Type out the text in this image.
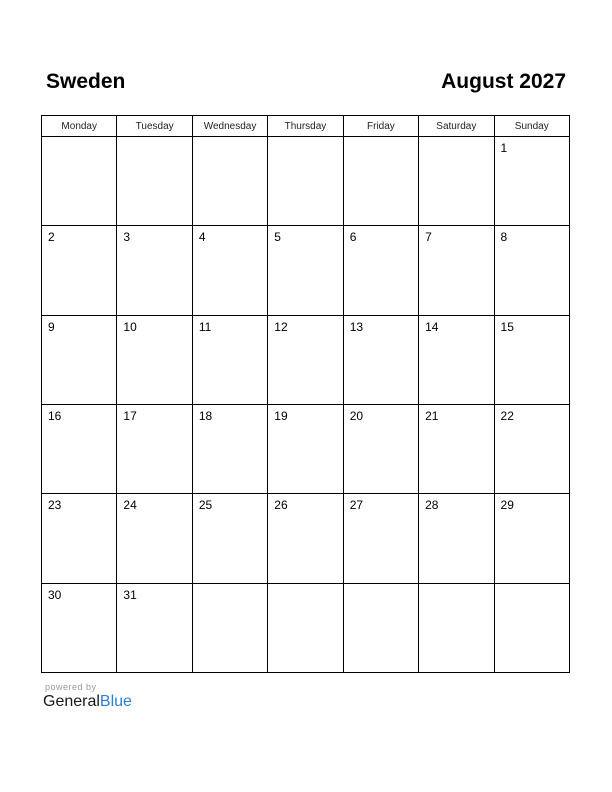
Sweden	August 2027
Monday	Tuesday	Wednesday	Thursday	Friday	Saturday	Sunday

						1

2	3	4	5	6	7	8

9	10	11	12	13	14	15

16	17	18	19	20	21	22

23	24	25	26	27	28	29

30	31					

powered by
GeneralBlue
